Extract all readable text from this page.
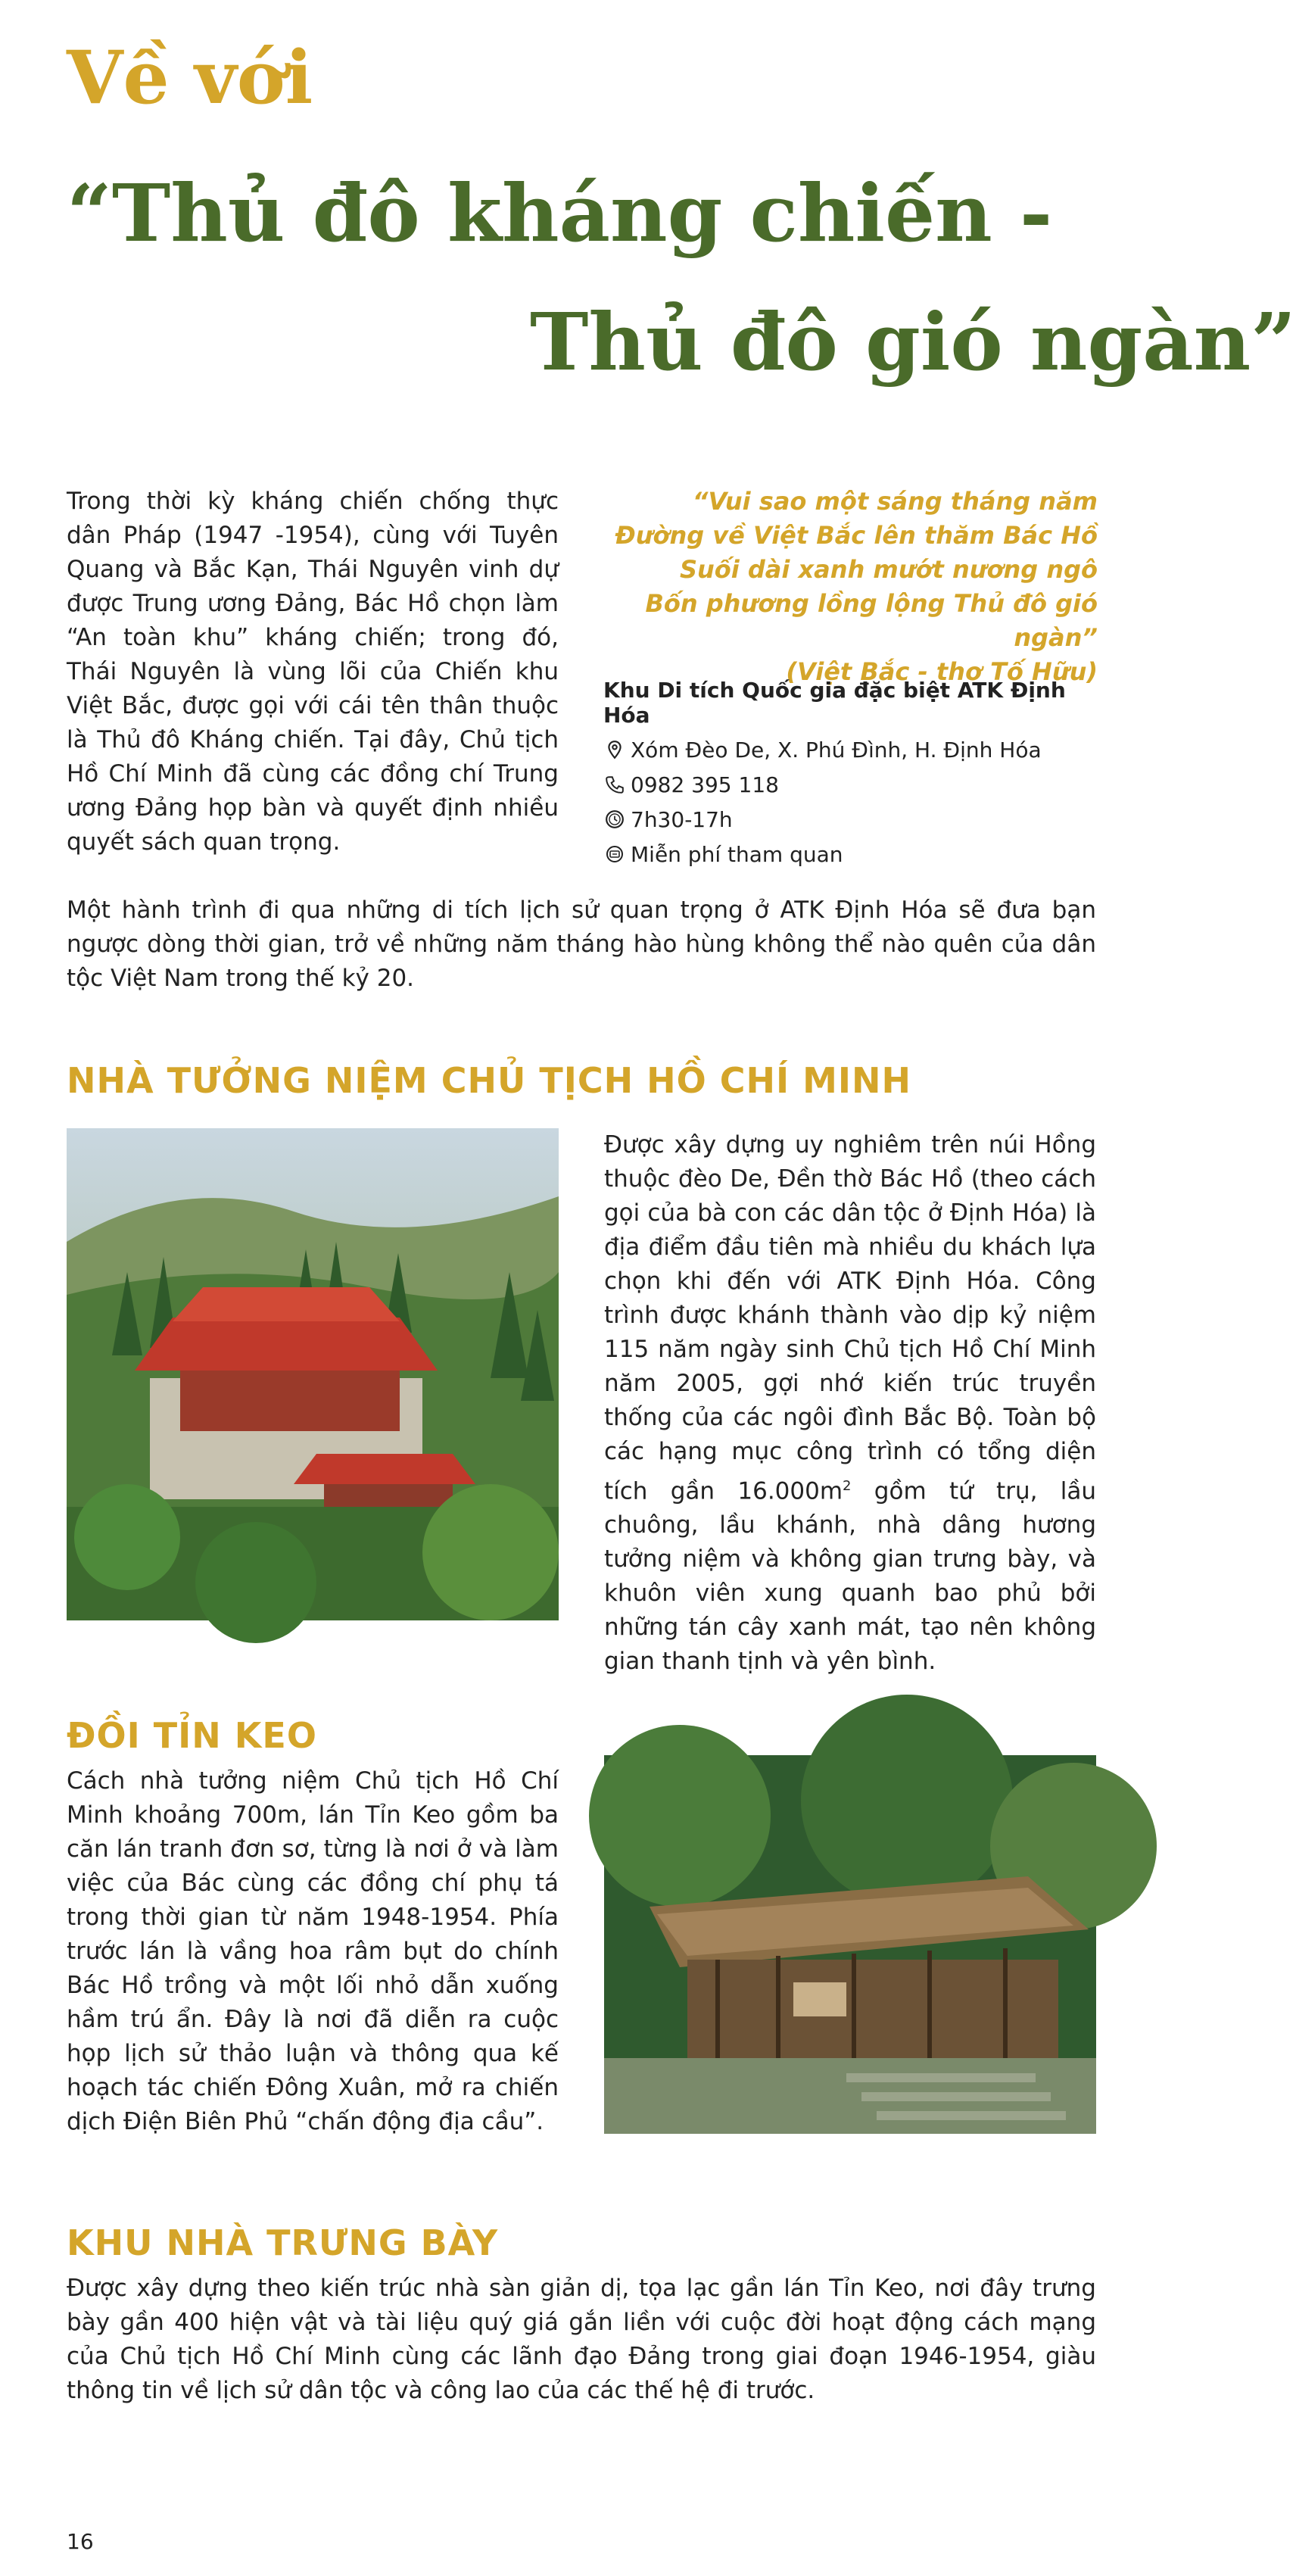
Về với
“Thủ đô kháng chiến -
Thủ đô gió ngàn”
Trong thời kỳ kháng chiến chống thực dân Pháp (1947 -1954), cùng với Tuyên Quang và Bắc Kạn, Thái Nguyên vinh dự được Trung ương Đảng, Bác Hồ chọn làm “An toàn khu” kháng chiến; trong đó, Thái Nguyên là vùng lõi của Chiến khu Việt Bắc, được gọi với cái tên thân thuộc là Thủ đô Kháng chiến. Tại đây, Chủ tịch Hồ Chí Minh đã cùng các đồng chí Trung ương Đảng họp bàn và quyết định nhiều quyết sách quan trọng.
“Vui sao một sáng tháng năm
Đường về Việt Bắc lên thăm Bác Hồ
Suối dài xanh mướt nương ngô
Bốn phương lồng lộng Thủ đô gió ngàn”
(Việt Bắc - thơ Tố Hữu)
Khu Di tích Quốc gia đặc biệt ATK Định Hóa
Xóm Đèo De, X. Phú Đình, H. Định Hóa
0982 395 118
7h30-17h
Miễn phí tham quan
Một hành trình đi qua những di tích lịch sử quan trọng ở ATK Định Hóa sẽ đưa bạn ngược dòng thời gian, trở về những năm tháng hào hùng không thể nào quên của dân tộc Việt Nam trong thế kỷ 20.
NHÀ TƯỞNG NIỆM CHỦ TỊCH HỒ CHÍ MINH
Được xây dựng uy nghiêm trên núi Hồng thuộc đèo De, Đền thờ Bác Hồ (theo cách gọi của bà con các dân tộc ở Định Hóa) là địa điểm đầu tiên mà nhiều du khách lựa chọn khi đến với ATK Định Hóa. Công trình được khánh thành vào dịp kỷ niệm 115 năm ngày sinh Chủ tịch Hồ Chí Minh năm 2005, gợi nhớ kiến trúc truyền thống của các ngôi đình Bắc Bộ. Toàn bộ các hạng mục công trình có tổng diện tích gần $16.000m^2$ gồm tứ trụ, lầu chuông, lầu khánh, nhà dâng hương tưởng niệm và không gian trưng bày, và khuôn viên xung quanh bao phủ bởi những tán cây xanh mát, tạo nên không gian thanh tịnh và yên bình.
ĐỒI TỈN KEO
Cách nhà tưởng niệm Chủ tịch Hồ Chí Minh khoảng 700m, lán Tỉn Keo gồm ba căn lán tranh đơn sơ, từng là nơi ở và làm việc của Bác cùng các đồng chí phụ tá trong thời gian từ năm 1948-1954. Phía trước lán là vầng hoa râm bụt do chính Bác Hồ trồng và một lối nhỏ dẫn xuống hầm trú ẩn. Đây là nơi đã diễn ra cuộc họp lịch sử thảo luận và thông qua kế hoạch tác chiến Đông Xuân, mở ra chiến dịch Điện Biên Phủ “chấn động địa cầu”.
KHU NHÀ TRƯNG BÀY
Được xây dựng theo kiến trúc nhà sàn giản dị, tọa lạc gần lán Tỉn Keo, nơi đây trưng bày gần 400 hiện vật và tài liệu quý giá gắn liền với cuộc đời hoạt động cách mạng của Chủ tịch Hồ Chí Minh cùng các lãnh đạo Đảng trong giai đoạn 1946-1954, giàu thông tin về lịch sử dân tộc và công lao của các thế hệ đi trước.
16
